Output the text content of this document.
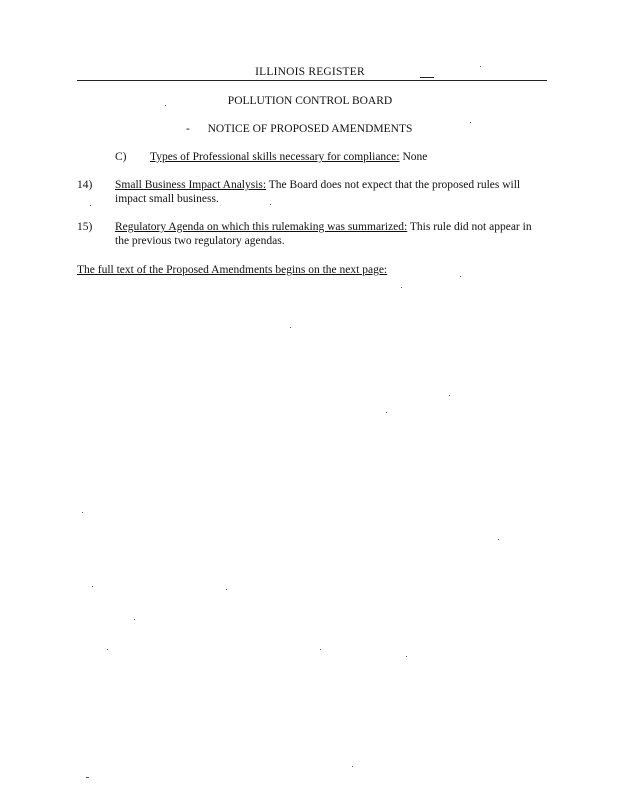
ILLINOIS REGISTER
POLLUTION CONTROL BOARD
-	NOTICE OF PROPOSED AMENDMENTS
C) Types of Professional skills necessary for compliance: None
14) Small Business Impact Analysis: The Board does not expect that the proposed rules will impact small business.
15) Regulatory Agenda on which this rulemaking was summarized: This rule did not appear in the previous two regulatory agendas.
The full text of the Proposed Amendments begins on the next page:
